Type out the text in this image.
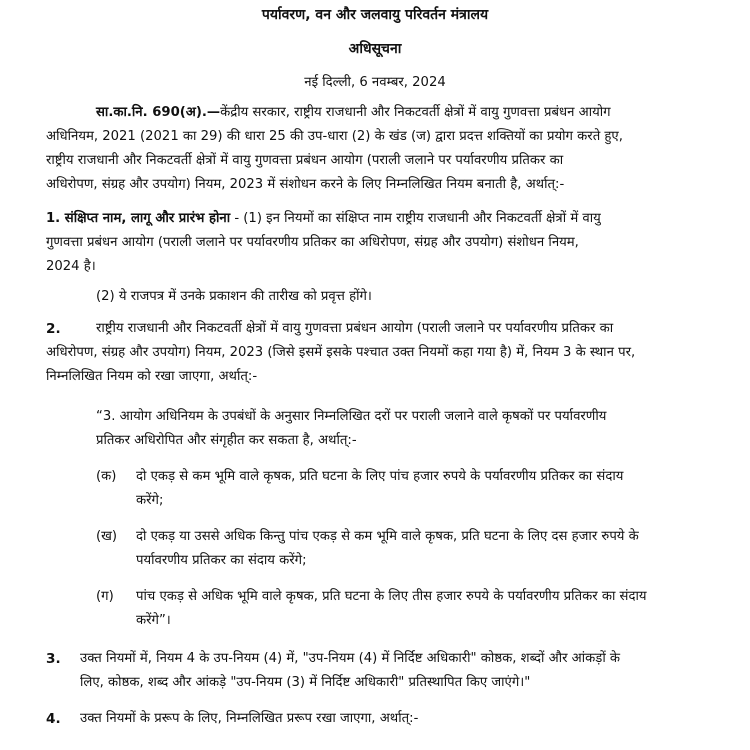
पर्यावरण, वन और जलवायु परिवर्तन मंत्रालय
अधिसूचना
नई दिल्ली, 6 नवम्बर, 2024
सा.का.नि. 690(अ).—केंद्रीय सरकार, राष्ट्रीय राजधानी और निकटवर्ती क्षेत्रों में वायु गुणवत्ता प्रबंधन आयोग
अधिनियम, 2021 (2021 का 29) की धारा 25 की उप-धारा (2) के खंड (ज) द्वारा प्रदत्त शक्तियों का प्रयोग करते हुए,
राष्ट्रीय राजधानी और निकटवर्ती क्षेत्रों में वायु गुणवत्ता प्रबंधन आयोग (पराली जलाने पर पर्यावरणीय प्रतिकर का
अधिरोपण, संग्रह और उपयोग) नियम, 2023 में संशोधन करने के लिए निम्नलिखित नियम बनाती है, अर्थात्:-
1. संक्षिप्त नाम, लागू और प्रारंभ होना - (1) इन नियमों का संक्षिप्त नाम राष्ट्रीय राजधानी और निकटवर्ती क्षेत्रों में वायु
गुणवत्ता प्रबंधन आयोग (पराली जलाने पर पर्यावरणीय प्रतिकर का अधिरोपण, संग्रह और उपयोग) संशोधन नियम,
2024 है।
(2) ये राजपत्र में उनके प्रकाशन की तारीख को प्रवृत्त होंगे।
2.	राष्ट्रीय राजधानी और निकटवर्ती क्षेत्रों में वायु गुणवत्ता प्रबंधन आयोग (पराली जलाने पर पर्यावरणीय प्रतिकर का
अधिरोपण, संग्रह और उपयोग) नियम, 2023 (जिसे इसमें इसके पश्चात उक्त नियमों कहा गया है) में, नियम 3 के स्थान पर,
निम्नलिखित नियम को रखा जाएगा, अर्थात्:-
“3. आयोग अधिनियम के उपबंधों के अनुसार निम्नलिखित दरों पर पराली जलाने वाले कृषकों पर पर्यावरणीय
प्रतिकर अधिरोपित और संगृहीत कर सकता है, अर्थात्:-
(क) दो एकड़ से कम भूमि वाले कृषक, प्रति घटना के लिए पांच हजार रुपये के पर्यावरणीय प्रतिकर का संदाय
करेंगे;
(ख) दो एकड़ या उससे अधिक किन्तु पांच एकड़ से कम भूमि वाले कृषक, प्रति घटना के लिए दस हजार रुपये के
पर्यावरणीय प्रतिकर का संदाय करेंगे;
(ग) पांच एकड़ से अधिक भूमि वाले कृषक, प्रति घटना के लिए तीस हजार रुपये के पर्यावरणीय प्रतिकर का संदाय
करेंगे”।
3. उक्त नियमों में, नियम 4 के उप-नियम (4) में, "उप-नियम (4) में निर्दिष्ट अधिकारी" कोष्ठक, शब्दों और आंकड़ों के
लिए, कोष्ठक, शब्द और आंकड़े "उप-नियम (3) में निर्दिष्ट अधिकारी" प्रतिस्थापित किए जाएंगे।"
4. उक्त नियमों के प्ररूप के लिए, निम्नलिखित प्ररूप रखा जाएगा, अर्थात्:-
